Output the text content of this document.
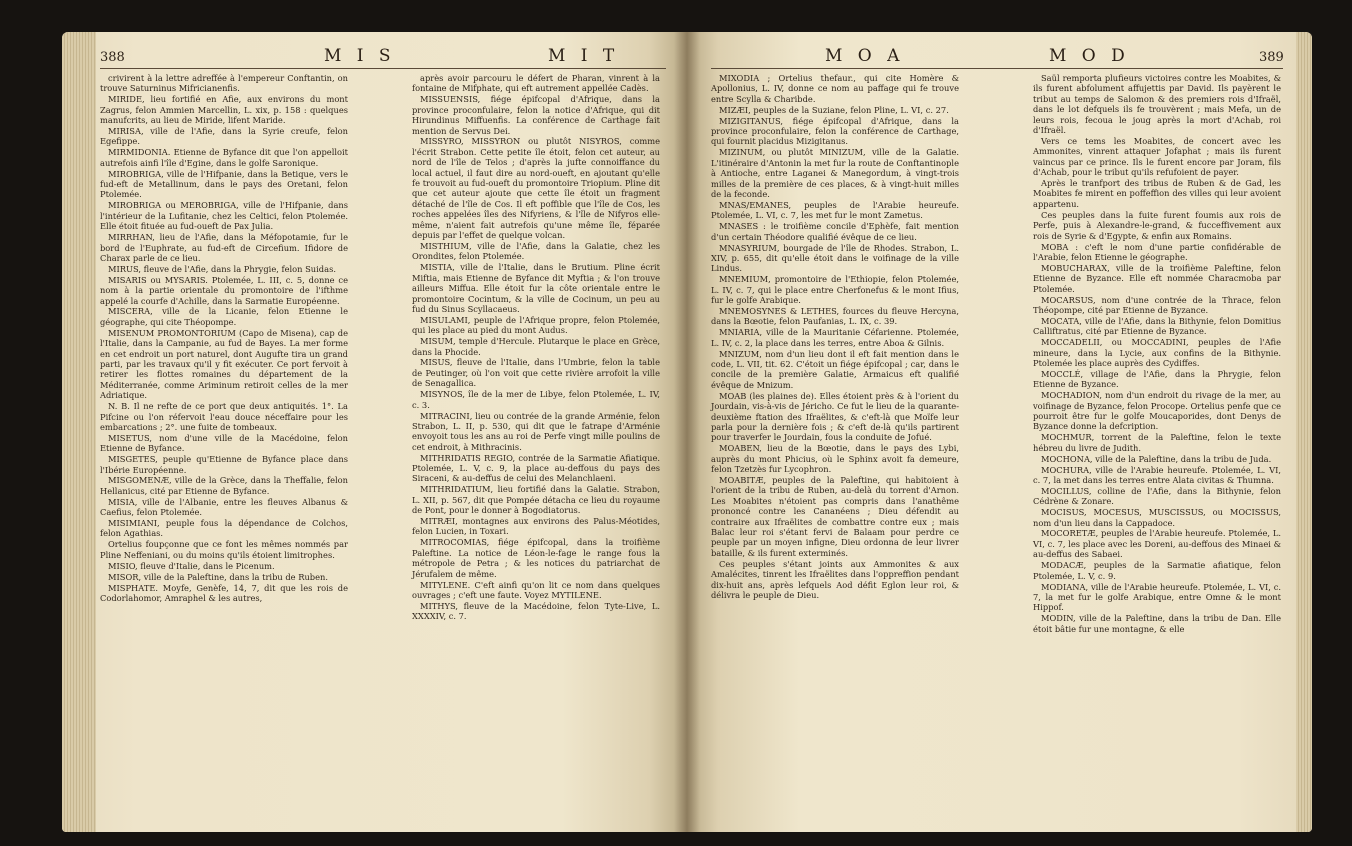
388	M I S	M I T

crivirent à la lettre adreffée à l'empereur Conftantin, on trouve Saturninus Mifricianenfis.

MIRIDE, lieu fortifié en Afie, aux environs du mont Zagrus, felon Ammien Marcellin, L. xix, p. 158 : quelques manufcrits, au lieu de Miride, lifent Maride.

MIRISA, ville de l'Afie, dans la Syrie creufe, felon Egefippe.

MIRMIDONIA. Etienne de Byfance dit que l'on appelloit autrefois ainfi l'île d'Egine, dans le golfe Saronique.

MIROBRIGA, ville de l'Hifpanie, dans la Betique, vers le fud-eft de Metallinum, dans le pays des Oretani, felon Ptolemée.

MIROBRIGA ou MEROBRIGA, ville de l'Hifpanie, dans l'intérieur de la Lufitanie, chez les Celtici, felon Ptolemée. Elle étoit fituée au fud-oueft de Pax Julia.

MIRRHAN, lieu de l'Afie, dans la Méfopotamie, fur le bord de l'Euphrate, au fud-eft de Circefium. Ifidore de Charax parle de ce lieu.

MIRUS, fleuve de l'Afie, dans la Phrygie, felon Suidas.

MISARIS ou MYSARIS. Ptolemée, L. III, c. 5, donne ce nom à la partie orientale du promontoire de l'ifthme appelé la courfe d'Achille, dans la Sarmatie Européenne.

MISCERA, ville de la Licanie, felon Etienne le géographe, qui cite Théopompe.

MISENUM PROMONTORIUM (Capo de Misena), cap de l'Italie, dans la Campanie, au fud de Bayes. La mer forme en cet endroit un port naturel, dont Augufte tira un grand parti, par les travaux qu'il y fit exécuter. Ce port fervoit à retirer les flottes romaines du département de la Méditerranée, comme Ariminum retiroit celles de la mer Adriatique.

N. B. Il ne refte de ce port que deux antiquités. 1°. La Pifcine ou l'on réfervoit l'eau douce néceffaire pour les embarcations ; 2°. une fuite de tombeaux.

MISETUS, nom d'une ville de la Macédoine, felon Etienne de Byfance.

MISGETES, peuple qu'Etienne de Byfance place dans l'Ibérie Européenne.

MISGOMENÆ, ville de la Grèce, dans la Theffalie, felon Hellanicus, cité par Etienne de Byfance.

MISIA, ville de l'Albanie, entre les fleuves Albanus & Caefius, felon Ptolemée.

MISIMIANI, peuple fous la dépendance de Colchos, felon Agathias.

Ortelius foupçonne que ce font les mêmes nommés par Pline Neffeniani, ou du moins qu'ils étoient limitrophes.

MISIO, fleuve d'Italie, dans le Picenum.

MISOR, ville de la Paleftine, dans la tribu de Ruben.

MISPHATE. Moyfe, Genèfe, 14, 7, dit que les rois de Codorlahomor, Amraphel & les autres,

après avoir parcouru le défert de Pharan, vinrent à la fontaine de Mifphate, qui eft autrement appellée Cadès.

MISSUENSIS, fiége épifcopal d'Afrique, dans la province proconfulaire, felon la notice d'Afrique, qui dit Hirundinus Miffuenfis. La conférence de Carthage fait mention de Servus Dei.

MISSYRO, MISSYRON ou plutôt NISYROS, comme l'écrit Strabon. Cette petite île étoit, felon cet auteur, au nord de l'île de Telos ; d'après la jufte connoiffance du local actuel, il faut dire au nord-oueft, en ajoutant qu'elle fe trouvoit au fud-oueft du promontoire Triopium. Pline dit que cet auteur ajoute que cette île étoit un fragment détaché de l'île de Cos. Il eft poffible que l'île de Cos, les roches appelées îles des Nifyriens, & l'île de Nifyros elle-même, n'aient fait autrefois qu'une même île, féparée depuis par l'effet de quelque volcan.

MISTHIUM, ville de l'Afie, dans la Galatie, chez les Orondites, felon Ptolemée.

MISTIA, ville de l'Italie, dans le Brutium. Pline écrit Miftia, mais Etienne de Byfance dit Myftia ; & l'on trouve ailleurs Miffua. Elle étoit fur la côte orientale entre le promontoire Cocintum, & la ville de Cocinum, un peu au fud du Sinus Scyllacaeus.

MISULAMI, peuple de l'Afrique propre, felon Ptolemée, qui les place au pied du mont Audus.

MISUM, temple d'Hercule. Plutarque le place en Grèce, dans la Phocide.

MISUS, fleuve de l'Italie, dans l'Umbrie, felon la table de Peutinger, où l'on voit que cette rivière arrofoit la ville de Senagallica.

MISYNOS, île de la mer de Libye, felon Ptolemée, L. IV, c. 3.

MITRACINI, lieu ou contrée de la grande Arménie, felon Strabon, L. II, p. 530, qui dit que le fatrape d'Arménie envoyoit tous les ans au roi de Perfe vingt mille poulins de cet endroit, à Mithracinis.

MITHRIDATIS REGIO, contrée de la Sarmatie Afiatique. Ptolemée, L. V, c. 9, la place au-deffous du pays des Siraceni, & au-deffus de celui des Melanchlaeni.

MITHRIDATIUM, lieu fortifié dans la Galatie. Strabon, L. XII, p. 567, dit que Pompée détacha ce lieu du royaume de Pont, pour le donner à Bogodiatorus.

MITRÆI, montagnes aux environs des Palus-Méotides, felon Lucien, in Toxari.

MITROCOMIAS, fiége épifcopal, dans la troifième Paleftine. La notice de Léon-le-fage le range fous la métropole de Petra ; & les notices du patriarchat de Jérufalem de même.

MITYLENE. C'eft ainfi qu'on lit ce nom dans quelques ouvrages ; c'eft une faute. Voyez MYTILENE.

MITHYS, fleuve de la Macédoine, felon Tyte-Live, L. XXXXIV, c. 7.

M O A	M O D	389

MIXODIA ; Ortelius thefaur., qui cite Homère & Apollonius, L. IV, donne ce nom au paffage qui fe trouve entre Scylla & Charibde.

MIZÆI, peuples de la Suziane, felon Pline, L. VI, c. 27.

MIZIGITANUS, fiége épifcopal d'Afrique, dans la province proconfulaire, felon la conférence de Carthage, qui fournit placidus Mizigitanus.

MIZINUM, ou plutôt MINIZUM, ville de la Galatie. L'itinéraire d'Antonin la met fur la route de Conftantinople à Antioche, entre Laganei & Manegordum, à vingt-trois milles de la première de ces places, & à vingt-huit milles de la feconde.

MNAS/EMANES, peuples de l'Arabie heureufe. Ptolemée, L. VI, c. 7, les met fur le mont Zametus.

MNASES : le troifième concile d'Ephèfe, fait mention d'un certain Théodore qualifié évêque de ce lieu.

MNASYRIUM, bourgade de l'île de Rhodes. Strabon, L. XIV, p. 655, dit qu'elle étoit dans le voifinage de la ville Lindus.

MNEMIUM, promontoire de l'Ethiopie, felon Ptolemée, L. IV, c. 7, qui le place entre Cherfonefus & le mont Ifius, fur le golfe Arabique.

MNEMOSYNES & LETHES, fources du fleuve Hercyna, dans la Bœotie, felon Paufanias, L. IX, c. 39.

MNIARIA, ville de la Mauritanie Céfarienne. Ptolemée, L. IV, c. 2, la place dans les terres, entre Aboa & Gilnis.

MNIZUM, nom d'un lieu dont il eft fait mention dans le code, L. VII, tit. 62. C'étoit un fiége épifcopal ; car, dans le concile de la première Galatie, Armaicus eft qualifié évêque de Mnizum.

MOAB (les plaines de). Elles étoient près & à l'orient du Jourdain, vis-à-vis de Jéricho. Ce fut le lieu de la quarante-deuxième ftation des Ifraëlites, & c'eft-là que Moïfe leur parla pour la dernière fois ; & c'eft de-là qu'ils partirent pour traverfer le Jourdain, fous la conduite de Jofué.

MOABEN, lieu de la Bœotie, dans le pays des Lybi, auprès du mont Phicius, où le Sphinx avoit fa demeure, felon Tzetzès fur Lycophron.

MOABITÆ, peuples de la Paleftine, qui habitoient à l'orient de la tribu de Ruben, au-delà du torrent d'Arnon. Les Moabites n'étoient pas compris dans l'anathême prononcé contre les Cananéens ; Dieu défendit au contraire aux Ifraëlites de combattre contre eux ; mais Balac leur roi s'étant fervi de Balaam pour perdre ce peuple par un moyen infigne, Dieu ordonna de leur livrer bataille, & ils furent exterminés.

Ces peuples s'étant joints aux Ammonites & aux Amalécites, tinrent les Ifraëlites dans l'oppreffion pendant dix-huit ans, après lefquels Aod défit Eglon leur roi, & délivra le peuple de Dieu.

Saül remporta plufieurs victoires contre les Moabites, & ils furent abfolument affujettis par David. Ils payèrent le tribut au temps de Salomon & des premiers rois d'Ifraël, dans le lot defquels ils fe trouvèrent ; mais Mefa, un de leurs rois, fecoua le joug après la mort d'Achab, roi d'Ifraël.

Vers ce tems les Moabites, de concert avec les Ammonites, vinrent attaquer Jofaphat ; mais ils furent vaincus par ce prince. Ils le furent encore par Joram, fils d'Achab, pour le tribut qu'ils refufoient de payer.

Après le tranfport des tribus de Ruben & de Gad, les Moabites fe mirent en poffeffion des villes qui leur avoient appartenu.

Ces peuples dans la fuite furent foumis aux rois de Perfe, puis à Alexandre-le-grand, & fucceffivement aux rois de Syrie & d'Egypte, & enfin aux Romains.

MOBA : c'eft le nom d'une partie confidérable de l'Arabie, felon Etienne le géographe.

MOBUCHARAX, ville de la troifième Paleftine, felon Etienne de Byzance. Elle eft nommée Characmoba par Ptolemée.

MOCARSUS, nom d'une contrée de la Thrace, felon Théopompe, cité par Etienne de Byzance.

MOCATA, ville de l'Afie, dans la Bithynie, felon Domitius Calliftratus, cité par Etienne de Byzance.

MOCCADELII, ou MOCCADINI, peuples de l'Afie mineure, dans la Lycie, aux confins de la Bithynie. Ptolemée les place auprès des Cydiffes.

MOCCLÉ, village de l'Afie, dans la Phrygie, felon Etienne de Byzance.

MOCHADION, nom d'un endroit du rivage de la mer, au voifinage de Byzance, felon Procope. Ortelius penfe que ce pourroit être fur le golfe Moucaporides, dont Denys de Byzance donne la defcription.

MOCHMUR, torrent de la Paleftine, felon le texte hébreu du livre de Judith.

MOCHONA, ville de la Paleftine, dans la tribu de Juda.

MOCHURA, ville de l'Arabie heureufe. Ptolemée, L. VI, c. 7, la met dans les terres entre Alata civitas & Thumna.

MOCILLUS, colline de l'Afie, dans la Bithynie, felon Cédrène & Zonare.

MOCISUS, MOCESUS, MUSCISSUS, ou MOCISSUS, nom d'un lieu dans la Cappadoce.

MOCORETÆ, peuples de l'Arabie heureufe. Ptolemée, L. VI, c. 7, les place avec les Doreni, au-deffous des Minaei & au-deffus des Sabaei.

MODACÆ, peuples de la Sarmatie afiatique, felon Ptolemée, L. V, c. 9.

MODIANA, ville de l'Arabie heureufe. Ptolemée, L. VI, c. 7, la met fur le golfe Arabique, entre Omne & le mont Hippof.

MODIN, ville de la Paleftine, dans la tribu de Dan. Elle étoit bâtie fur une montagne, & elle
